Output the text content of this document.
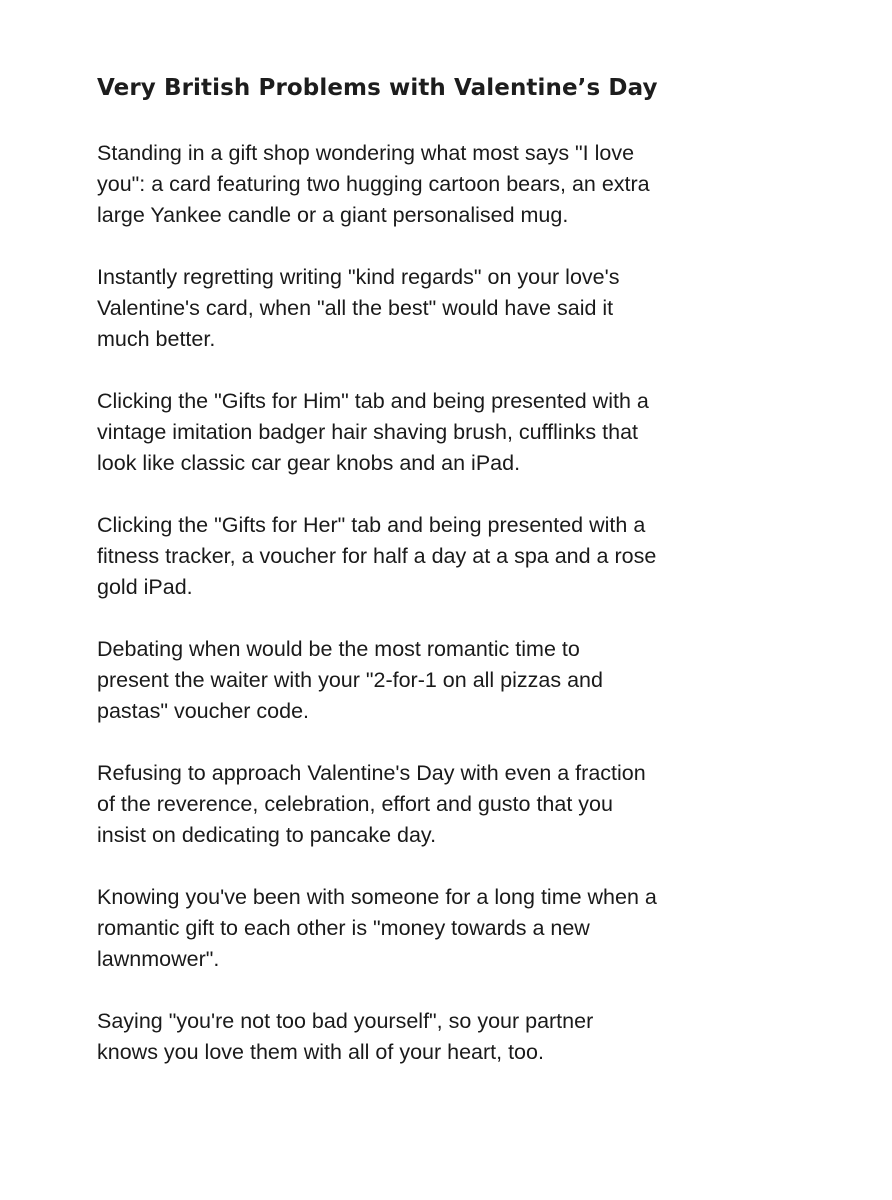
Very British Problems with Valentine’s Day

Standing in a gift shop wondering what most says "I love you": a card featuring two hugging cartoon bears, an extra large Yankee candle or a giant personalised mug.

Instantly regretting writing "kind regards" on your love's Valentine's card, when "all the best" would have said it much better.

Clicking the "Gifts for Him" tab and being presented with a vintage imitation badger hair shaving brush, cufflinks that look like classic car gear knobs and an iPad.

Clicking the "Gifts for Her" tab and being presented with a fitness tracker, a voucher for half a day at a spa and a rose gold iPad.

Debating when would be the most romantic time to present the waiter with your "2-for-1 on all pizzas and pastas" voucher code.

Refusing to approach Valentine's Day with even a fraction of the reverence, celebration, effort and gusto that you insist on dedicating to pancake day.

Knowing you've been with someone for a long time when a romantic gift to each other is "money towards a new lawnmower".

Saying "you're not too bad yourself", so your partner knows you love them with all of your heart, too.
